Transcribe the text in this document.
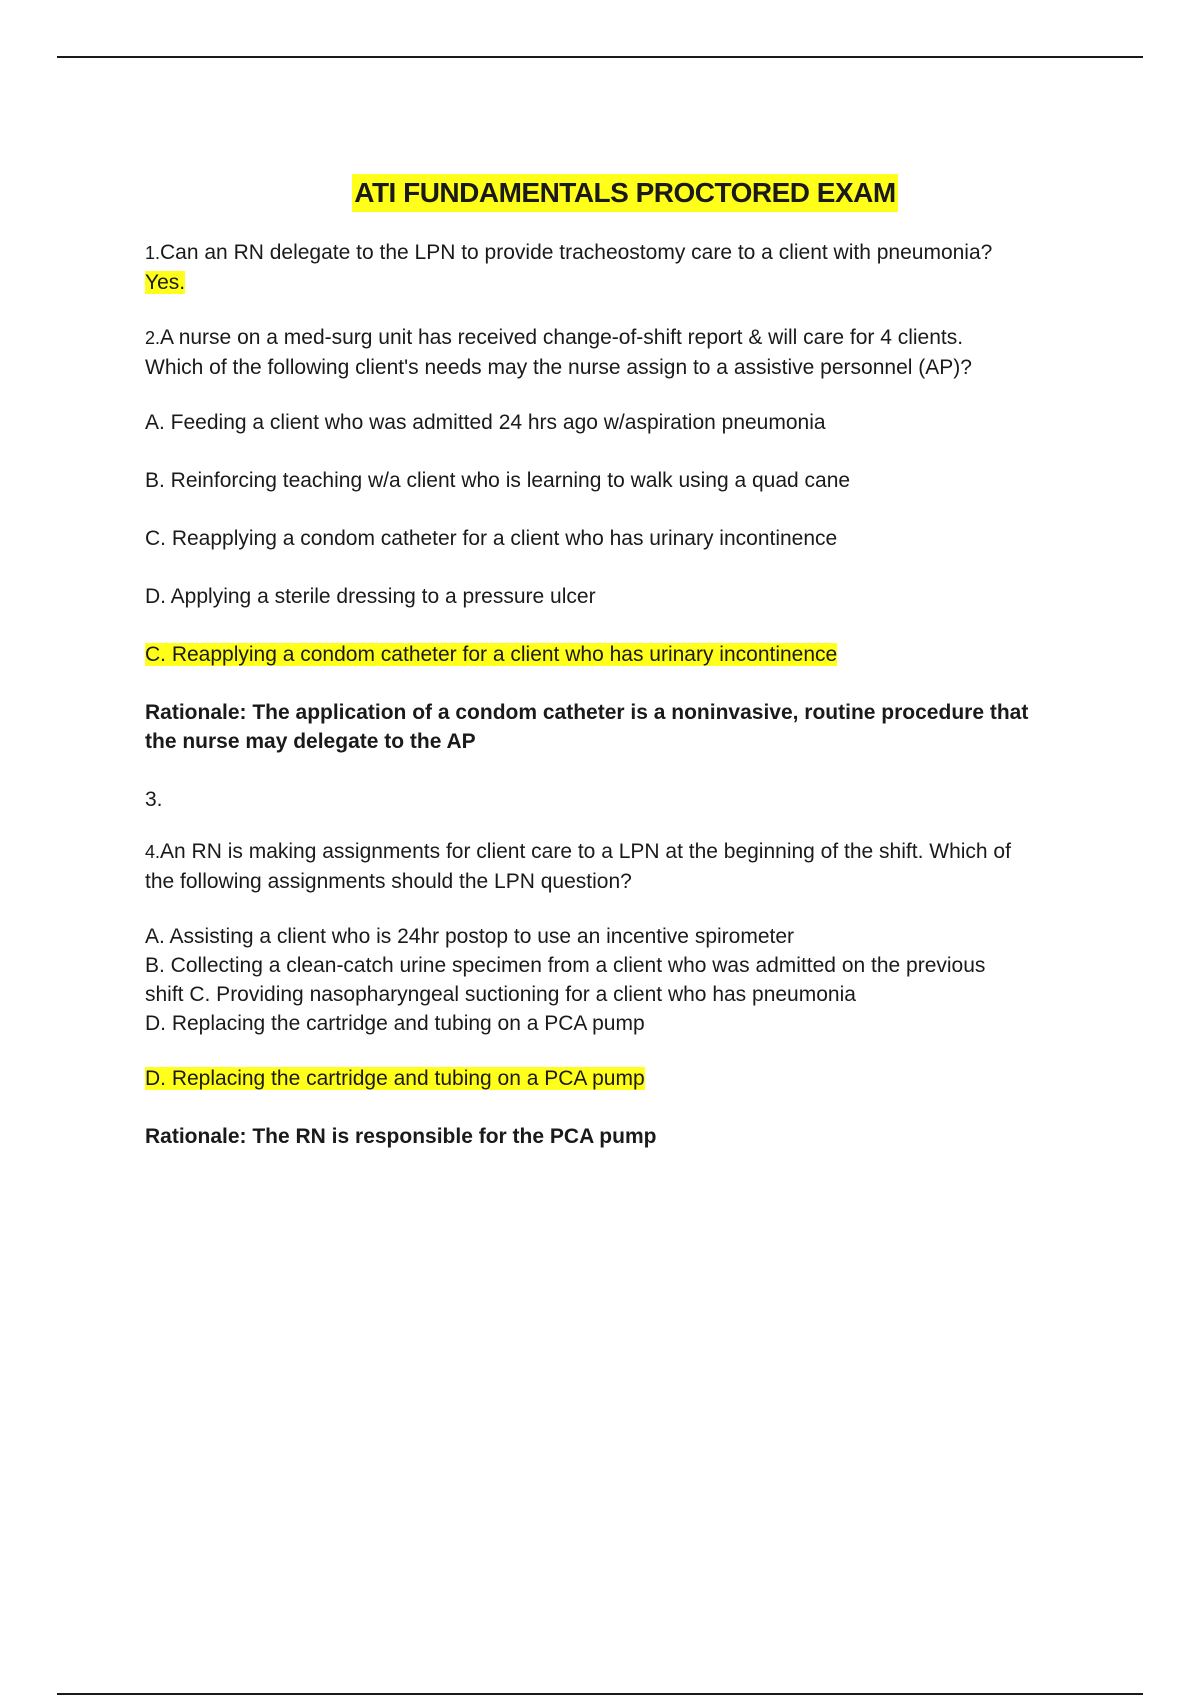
ATI FUNDAMENTALS PROCTORED EXAM

1.Can an RN delegate to the LPN to provide tracheostomy care to a client with pneumonia?

Yes.

2.A nurse on a med-surg unit has received change-of-shift report & will care for 4 clients.

Which of the following client's needs may the nurse assign to a assistive personnel (AP)?

A. Feeding a client who was admitted 24 hrs ago w/aspiration pneumonia

B. Reinforcing teaching w/a client who is learning to walk using a quad cane

C. Reapplying a condom catheter for a client who has urinary incontinence

D. Applying a sterile dressing to a pressure ulcer

C. Reapplying a condom catheter for a client who has urinary incontinence

Rationale: The application of a condom catheter is a noninvasive, routine procedure that

the nurse may delegate to the AP

3.

4.An RN is making assignments for client care to a LPN at the beginning of the shift. Which of

the following assignments should the LPN question?

A. Assisting a client who is 24hr postop to use an incentive spirometer

B. Collecting a clean-catch urine specimen from a client who was admitted on the previous

shift C. Providing nasopharyngeal suctioning for a client who has pneumonia

D. Replacing the cartridge and tubing on a PCA pump

D. Replacing the cartridge and tubing on a PCA pump

Rationale: The RN is responsible for the PCA pump
